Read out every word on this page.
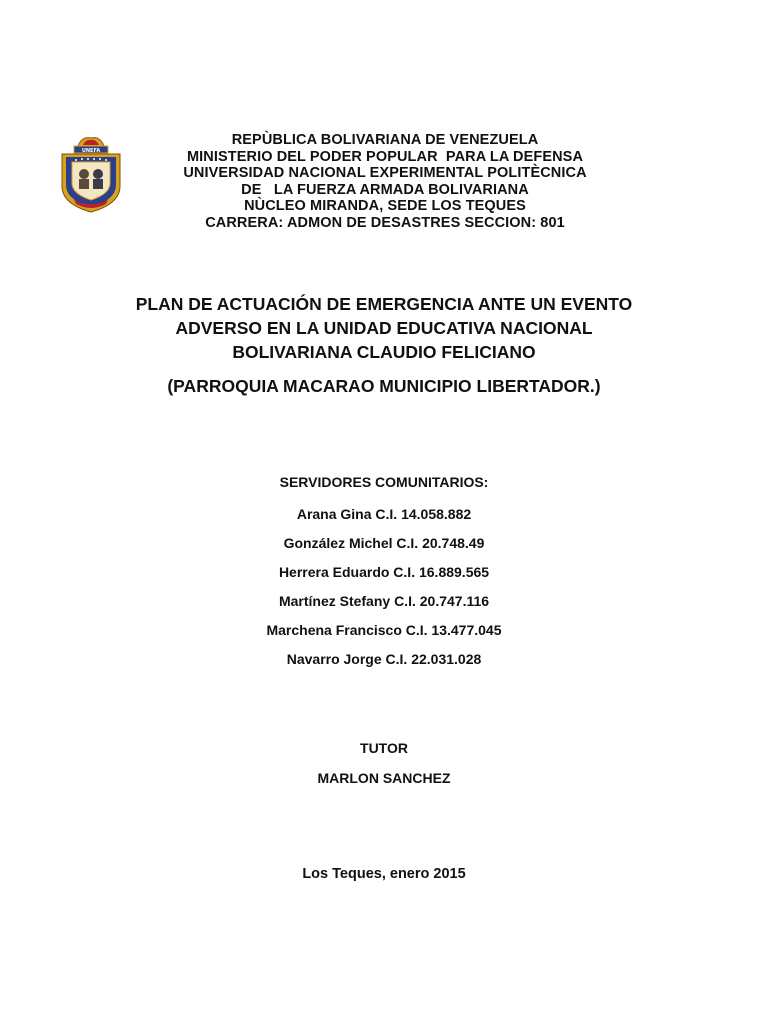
UNEFA
REPÙBLICA BOLIVARIANA DE VENEZUELA
MINISTERIO DEL PODER POPULAR  PARA LA DEFENSA
UNIVERSIDAD NACIONAL EXPERIMENTAL POLITÈCNICA
DE   LA FUERZA ARMADA BOLIVARIANA
NÙCLEO MIRANDA, SEDE LOS TEQUES
CARRERA: ADMON DE DESASTRES SECCION: 801
PLAN DE ACTUACIÓN DE EMERGENCIA ANTE UN EVENTO
ADVERSO EN LA UNIDAD EDUCATIVA NACIONAL
BOLIVARIANA CLAUDIO FELICIANO
(PARROQUIA MACARAO MUNICIPIO LIBERTADOR.)
SERVIDORES COMUNITARIOS:
Arana Gina C.I. 14.058.882
González Michel C.I. 20.748.49
Herrera Eduardo C.I. 16.889.565
Martínez Stefany C.I. 20.747.116
Marchena Francisco C.I. 13.477.045
Navarro Jorge C.I. 22.031.028
TUTOR
MARLON SANCHEZ
Los Teques, enero 2015
